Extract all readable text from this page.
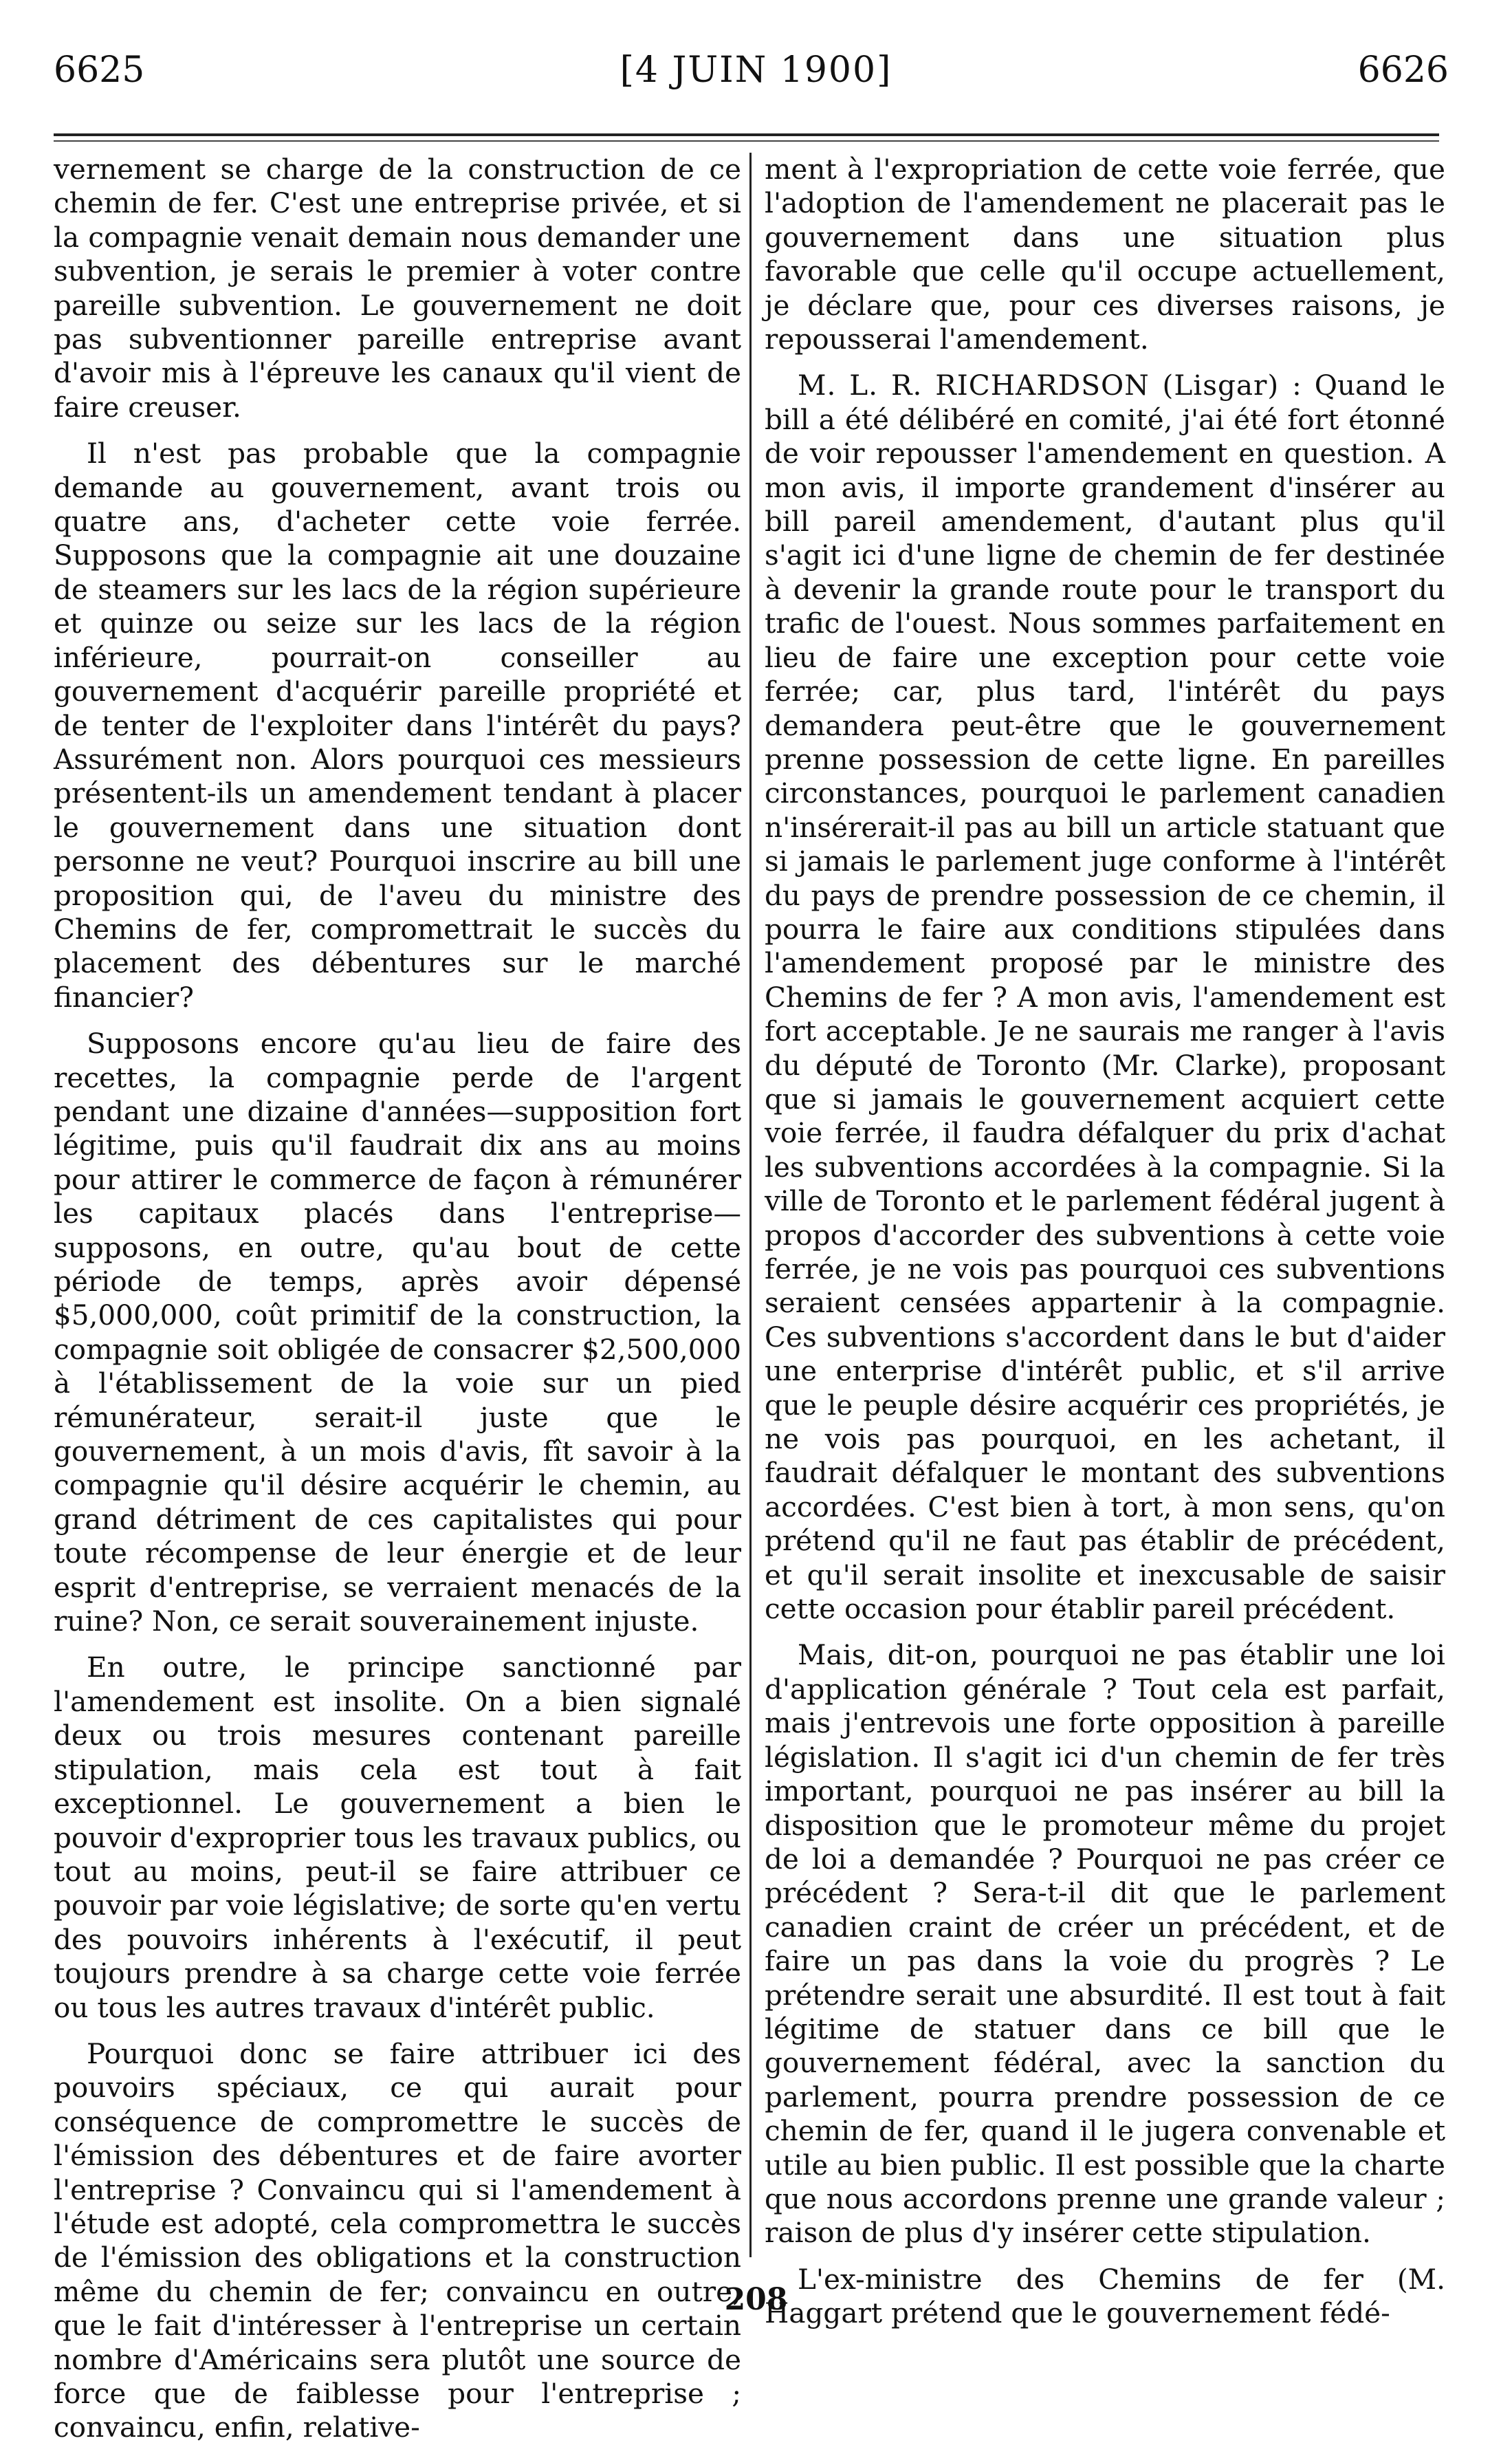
6625	[4 JUIN 1900]	6626

vernement se charge de la construction de ce chemin de fer. C'est une entreprise privée, et si la compagnie venait demain nous demander une subvention, je serais le premier à voter contre pareille subvention. Le gouvernement ne doit pas subventionner pareille entreprise avant d'avoir mis à l'épreuve les canaux qu'il vient de faire creuser.

Il n'est pas probable que la compagnie demande au gouvernement, avant trois ou quatre ans, d'acheter cette voie ferrée. Supposons que la compagnie ait une douzaine de steamers sur les lacs de la région supérieure et quinze ou seize sur les lacs de la région inférieure, pourrait-on conseiller au gouvernement d'acquérir pareille propriété et de tenter de l'exploiter dans l'intérêt du pays? Assurément non. Alors pourquoi ces messieurs présentent-ils un amendement tendant à placer le gouvernement dans une situation dont personne ne veut? Pourquoi inscrire au bill une proposition qui, de l'aveu du ministre des Chemins de fer, compromettrait le succès du placement des débentures sur le marché financier?

Supposons encore qu'au lieu de faire des recettes, la compagnie perde de l'argent pendant une dizaine d'années—supposition fort légitime, puis qu'il faudrait dix ans au moins pour attirer le commerce de façon à rémunérer les capitaux placés dans l'entreprise—supposons, en outre, qu'au bout de cette période de temps, après avoir dépensé $5,000,000, coût primitif de la construction, la compagnie soit obligée de consacrer $2,500,000 à l'établissement de la voie sur un pied rémunérateur, serait-il juste que le gouvernement, à un mois d'avis, fît savoir à la compagnie qu'il désire acquérir le chemin, au grand détriment de ces capitalistes qui pour toute récompense de leur énergie et de leur esprit d'entreprise, se verraient menacés de la ruine? Non, ce serait souverainement injuste.

En outre, le principe sanctionné par l'amendement est insolite. On a bien signalé deux ou trois mesures contenant pareille stipulation, mais cela est tout à fait exceptionnel. Le gouvernement a bien le pouvoir d'exproprier tous les travaux publics, ou tout au moins, peut-il se faire attribuer ce pouvoir par voie législative; de sorte qu'en vertu des pouvoirs inhérents à l'exécutif, il peut toujours prendre à sa charge cette voie ferrée ou tous les autres travaux d'intérêt public.

Pourquoi donc se faire attribuer ici des pouvoirs spéciaux, ce qui aurait pour conséquence de compromettre le succès de l'émission des débentures et de faire avorter l'entreprise ? Convaincu qui si l'amendement à l'étude est adopté, cela compromettra le succès de l'émission des obligations et la construction même du chemin de fer; convaincu en outre, que le fait d'intéresser à l'entreprise un certain nombre d'Américains sera plutôt une source de force que de faiblesse pour l'entreprise ; convaincu, enfin, relative-

ment à l'expropriation de cette voie ferrée, que l'adoption de l'amendement ne placerait pas le gouvernement dans une situation plus favorable que celle qu'il occupe actuellement, je déclare que, pour ces diverses raisons, je repousserai l'amendement.

M. L. R. RICHARDSON (Lisgar) : Quand le bill a été délibéré en comité, j'ai été fort étonné de voir repousser l'amendement en question. A mon avis, il importe grandement d'insérer au bill pareil amendement, d'autant plus qu'il s'agit ici d'une ligne de chemin de fer destinée à devenir la grande route pour le transport du trafic de l'ouest. Nous sommes parfaitement en lieu de faire une exception pour cette voie ferrée; car, plus tard, l'intérêt du pays demandera peut-être que le gouvernement prenne possession de cette ligne. En pareilles circonstances, pourquoi le parlement canadien n'insérerait-il pas au bill un article statuant que si jamais le parlement juge conforme à l'intérêt du pays de prendre possession de ce chemin, il pourra le faire aux conditions stipulées dans l'amendement proposé par le ministre des Chemins de fer ? A mon avis, l'amendement est fort acceptable. Je ne saurais me ranger à l'avis du député de Toronto (Mr. Clarke), proposant que si jamais le gouvernement acquiert cette voie ferrée, il faudra défalquer du prix d'achat les subventions accordées à la compagnie. Si la ville de Toronto et le parlement fédéral jugent à propos d'accorder des subventions à cette voie ferrée, je ne vois pas pourquoi ces subventions seraient censées appartenir à la compagnie. Ces subventions s'accordent dans le but d'aider une enterprise d'intérêt public, et s'il arrive que le peuple désire acquérir ces propriétés, je ne vois pas pourquoi, en les achetant, il faudrait défalquer le montant des subventions accordées. C'est bien à tort, à mon sens, qu'on prétend qu'il ne faut pas établir de précédent, et qu'il serait insolite et inexcusable de saisir cette occasion pour établir pareil précédent.

Mais, dit-on, pourquoi ne pas établir une loi d'application générale ? Tout cela est parfait, mais j'entrevois une forte opposition à pareille législation. Il s'agit ici d'un chemin de fer très important, pourquoi ne pas insérer au bill la disposition que le promoteur même du projet de loi a demandée ? Pourquoi ne pas créer ce précédent ? Sera-t-il dit que le parlement canadien craint de créer un précédent, et de faire un pas dans la voie du progrès ? Le prétendre serait une absurdité. Il est tout à fait légitime de statuer dans ce bill que le gouvernement fédéral, avec la sanction du parlement, pourra prendre possession de ce chemin de fer, quand il le jugera convenable et utile au bien public. Il est possible que la charte que nous accordons prenne une grande valeur ; raison de plus d'y insérer cette stipulation.

L'ex-ministre des Chemins de fer (M. Haggart prétend que le gouvernement fédé-

208
